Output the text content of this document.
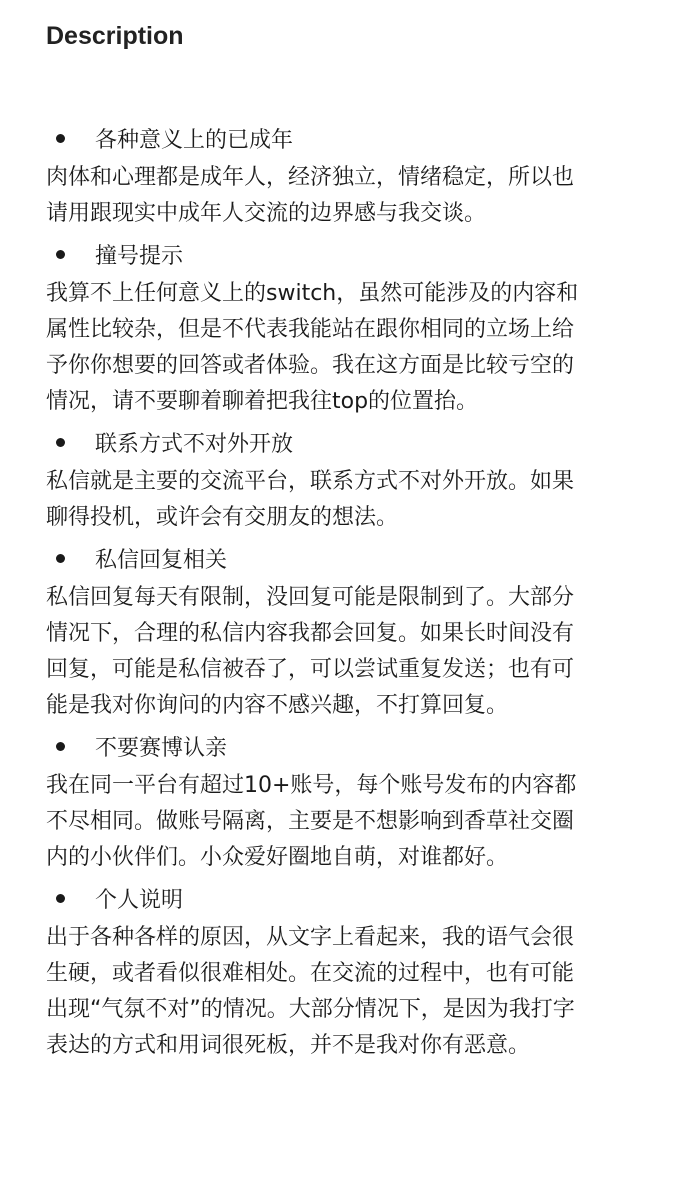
Description
各种意义上的已成年
肉体和心理都是成年人，经济独立，情绪稳定，所以也
请用跟现实中成年人交流的边界感与我交谈。
撞号提示
我算不上任何意义上的switch，虽然可能涉及的内容和
属性比较杂，但是不代表我能站在跟你相同的立场上给
予你你想要的回答或者体验。我在这方面是比较亏空的
情况，请不要聊着聊着把我往top的位置抬。
联系方式不对外开放
私信就是主要的交流平台，联系方式不对外开放。如果
聊得投机，或许会有交朋友的想法。
私信回复相关
私信回复每天有限制，没回复可能是限制到了。大部分
情况下，合理的私信内容我都会回复。如果长时间没有
回复，可能是私信被吞了，可以尝试重复发送；也有可
能是我对你询问的内容不感兴趣，不打算回复。
不要赛博认亲
我在同一平台有超过10+账号，每个账号发布的内容都
不尽相同。做账号隔离，主要是不想影响到香草社交圈
内的小伙伴们。小众爱好圈地自萌，对谁都好。
个人说明
出于各种各样的原因，从文字上看起来，我的语气会很
生硬，或者看似很难相处。在交流的过程中，也有可能
出现“气氛不对”的情况。大部分情况下，是因为我打字
表达的方式和用词很死板，并不是我对你有恶意。
